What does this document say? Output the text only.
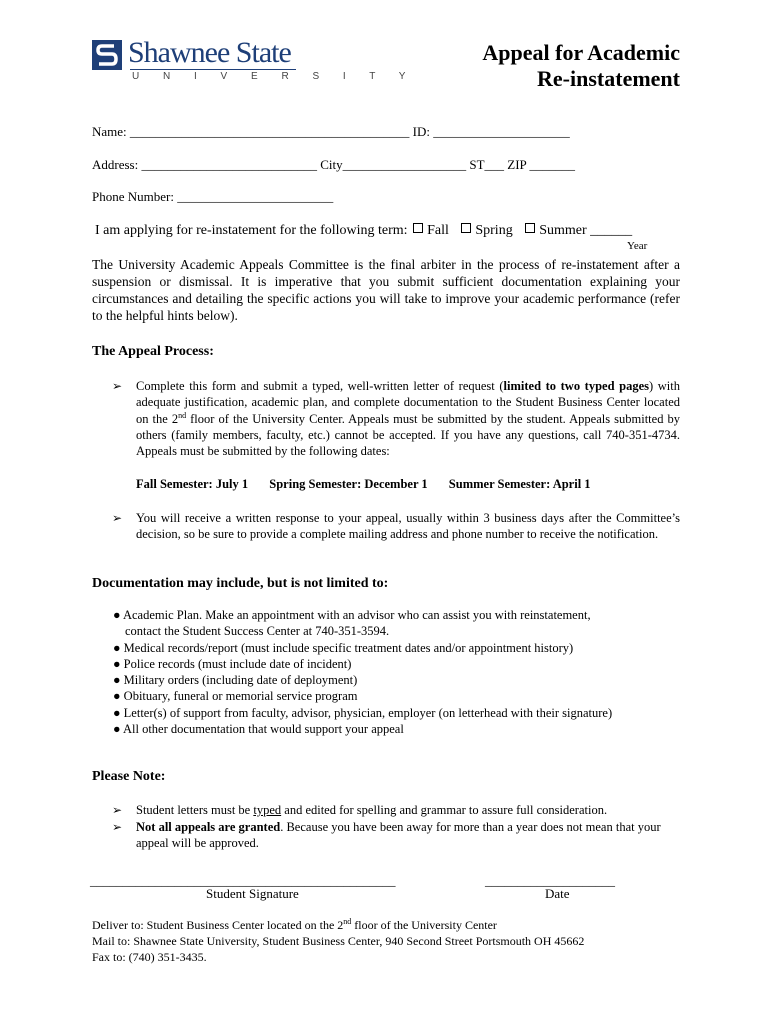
Shawnee State
U N I V E R S I T Y
Appeal for Academic
Re-instatement
Name: ___________________________________________ ID: _____________________
Address: ___________________________ City___________________ ST___ ZIP _______
Phone Number: ________________________
I am applying for re-instatement for the following term: Fall Spring Summer ______
Year
The University Academic Appeals Committee is the final arbiter in the process of re-instatement after a suspension or dismissal. It is imperative that you submit sufficient documentation explaining your circumstances and detailing the specific actions you will take to improve your academic performance (refer to the helpful hints below).
The Appeal Process:
➢ Complete this form and submit a typed, well-written letter of request (limited to two typed pages) with adequate justification, academic plan, and complete documentation to the Student Business Center located on the 2nd floor of the University Center. Appeals must be submitted by the student. Appeals submitted by others (family members, faculty, etc.) cannot be accepted. If you have any questions, call 740-351-4734. Appeals must be submitted by the following dates:
Fall Semester: July 1 Spring Semester: December 1 Summer Semester: April 1
➢ You will receive a written response to your appeal, usually within 3 business days after the Committee’s decision, so be sure to provide a complete mailing address and phone number to receive the notification.
Documentation may include, but is not limited to:
● Academic Plan. Make an appointment with an advisor who can assist you with reinstatement,
contact the Student Success Center at 740-351-3594.
● Medical records/report (must include specific treatment dates and/or appointment history)
● Police records (must include date of incident)
● Military orders (including date of deployment)
● Obituary, funeral or memorial service program
● Letter(s) of support from faculty, advisor, physician, employer (on letterhead with their signature)
● All other documentation that would support your appeal
Please Note:
➢ Student letters must be typed and edited for spelling and grammar to assure full consideration.
➢ Not all appeals are granted. Because you have been away for more than a year does not mean that your appeal will be approved.
_______________________________________________
Student Signature
____________________
Date
Deliver to: Student Business Center located on the 2nd floor of the University Center
Mail to: Shawnee State University, Student Business Center, 940 Second Street Portsmouth OH 45662
Fax to: (740) 351-3435.
